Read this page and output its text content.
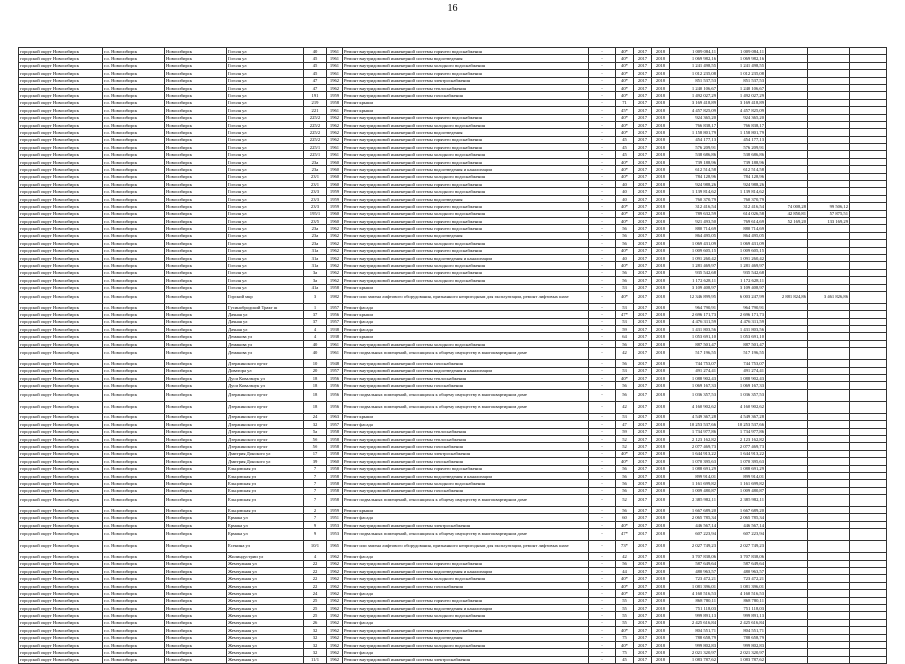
16
городской округ Новосибирск	г.о. Новосибирск	Новосибирск	Гоголя ул	40	1961	Ремонт внутридомовой инженерной системы горячего водоснабжения	-	40*	2017	2018	1 009 084,11	1 009 084,11			
городской округ Новосибирск	г.о. Новосибирск	Новосибирск	Гоголя ул	45	1961	Ремонт внутридомовой инженерной системы водоотведения	-	40*	2017	2018	1 069 982,16	1 069 982,16			
городской округ Новосибирск	г.о. Новосибирск	Новосибирск	Гоголя ул	45	1961	Ремонт внутридомовой инженерной системы холодного водоснабжения	-	40*	2017	2018	1 241 498,55	1 241 498,55			
городской округ Новосибирск	г.о. Новосибирск	Новосибирск	Гоголя ул	45	1961	Ремонт внутридомовой инженерной системы горячего водоснабжения	-	40*	2017	2018	1 012 235,08	1 012 235,08			
городской округ Новосибирск	г.о. Новосибирск	Новосибирск	Гоголя ул	47	1962	Ремонт внутридомовой инженерной системы электроснабжения	-	40*	2017	2018	851 537,53	851 537,53			
городской округ Новосибирск	г.о. Новосибирск	Новосибирск	Гоголя ул	47	1962	Ремонт внутридомовой инженерной системы теплоснабжения	-	40*	2017	2018	1 240 106,67	1 240 106,67			
городской округ Новосибирск	г.о. Новосибирск	Новосибирск	Гоголя ул	191	1959	Ремонт внутридомовой инженерной системы газоснабжения	-	40*	2017	2018	1 492 027,29	1 492 027,29			
городской округ Новосибирск	г.о. Новосибирск	Новосибирск	Гоголя ул	219	1958	Ремонт крыши	-	71	2017	2018	3 169 418,89	3 169 418,89			
городской округ Новосибирск	г.о. Новосибирск	Новосибирск	Гоголя ул	221	1961	Ремонт крыши	-	45*	2017	2018	4 457 825,09	4 457 825,09			
городской округ Новосибирск	г.о. Новосибирск	Новосибирск	Гоголя ул	225/2	1962	Ремонт внутридомовой инженерной системы горячего водоснабжения	-	40*	2017	2018	924 365,20	924 365,20			
городской округ Новосибирск	г.о. Новосибирск	Новосибирск	Гоголя ул	225/2	1962	Ремонт внутридомовой инженерной системы холодного водоснабжения	-	40*	2017	2018	766 838,17	766 838,17			
городской округ Новосибирск	г.о. Новосибирск	Новосибирск	Гоголя ул	225/2	1962	Ремонт внутридомовой инженерной системы водоотведения	-	40*	2017	2018	1 158 801,79	1 158 801,79			
городской округ Новосибирск	г.о. Новосибирск	Новосибирск	Гоголя ул	225/2	1962	Ремонт внутридомовой инженерной системы горячего водоснабжения	-	45	2017	2018	454 177,13	454 177,13			
городской округ Новосибирск	г.о. Новосибирск	Новосибирск	Гоголя ул	225/1	1961	Ремонт внутридомовой инженерной системы горячего водоснабжения	-	45	2017	2018	576 209,91	576 209,91			
городской округ Новосибирск	г.о. Новосибирск	Новосибирск	Гоголя ул	225/1	1961	Ремонт внутридомовой инженерной системы холодного водоснабжения	-	45	2017	2018	538 686,86	538 686,86			
городской округ Новосибирск	г.о. Новосибирск	Новосибирск	Гоголя ул	23а	1960	Ремонт внутридомовой инженерной системы горячего водоснабжения	-	40*	2017	2018	739 188,96	739 188,96			
городской округ Новосибирск	г.о. Новосибирск	Новосибирск	Гоголя ул	23а	1960	Ремонт внутридомовой инженерной системы водоотведения и канализации	-	40*	2017	2018	612 514,58	612 514,58			
городской округ Новосибирск	г.о. Новосибирск	Новосибирск	Гоголя ул	23/1	1960	Ремонт внутридомовой инженерной системы холодного водоснабжения	-	40*	2017	2018	784 128,96	784 128,96			
городской округ Новосибирск	г.о. Новосибирск	Новосибирск	Гоголя ул	23/1	1960	Ремонт внутридомовой инженерной системы горячего водоснабжения	-	40	2017	2018	924 988,26	924 988,26			
городской округ Новосибирск	г.о. Новосибирск	Новосибирск	Гоголя ул	23/3	1959	Ремонт внутридомовой инженерной системы холодного водоснабжения	-	40	2017	2018	1 139 814,62	1 139 814,62			
городской округ Новосибирск	г.о. Новосибирск	Новосибирск	Гоголя ул	23/3	1959	Ремонт внутридомовой инженерной системы водоотведения	-	40	2017	2018	760 370,79	760 370,79			
городской округ Новосибирск	г.о. Новосибирск	Новосибирск	Гоголя ул	23/3	1959	Ремонт внутридомовой инженерной системы горячего водоснабжения	-	40*	2017	2018	312 416,54	312 416,54	74 008,28	99 506,12	
городской округ Новосибирск	г.о. Новосибирск	Новосибирск	Гоголя ул	195/1	1960	Ремонт внутридомовой инженерной системы холодного водоснабжения	-	40*	2017	2018	789 632,59	614 026,58	42 850,81	57 875,51	
городской округ Новосибирск	г.о. Новосибирск	Новосибирск	Гоголя ул	23/5	1960	Ремонт внутридомовой инженерной системы горячего водоснабжения	-	40*	2017	2018	921 493,50	769 614,69	52 169,20	133 169,29	
городской округ Новосибирск	г.о. Новосибирск	Новосибирск	Гоголя ул	23а	1962	Ремонт внутридомовой инженерной системы горячего водоснабжения	-	56	2017	2018	880 714,69	880 714,69			
городской округ Новосибирск	г.о. Новосибирск	Новосибирск	Гоголя ул	23а	1962	Ремонт внутридомовой инженерной системы водоотведения	-	56	2017	2018	864 495,05	864 495,05			
городской округ Новосибирск	г.о. Новосибирск	Новосибирск	Гоголя ул	23а	1962	Ремонт внутридомовой инженерной системы холодного водоснабжения	-	56	2017	2018	1 069 431,09	1 069 431,09			
городской округ Новосибирск	г.о. Новосибирск	Новосибирск	Гоголя ул	31а	1962	Ремонт внутридомовой инженерной системы горячего водоснабжения	-	40*	2017	2018	1 009 605,15	1 009 605,15			
городской округ Новосибирск	г.о. Новосибирск	Новосибирск	Гоголя ул	31а	1962	Ремонт внутридомовой инженерной системы водоотведения и канализации	-	40	2017	2018	1 091 260,42	1 091 260,42			
городской округ Новосибирск	г.о. Новосибирск	Новосибирск	Гоголя ул	31а	1962	Ремонт внутридомовой инженерной системы холодного водоснабжения	-	40*	2017	2018	1 281 469,97	1 281 469,97			
городской округ Новосибирск	г.о. Новосибирск	Новосибирск	Гоголя ул	3а	1962	Ремонт внутридомовой инженерной системы горячего водоснабжения	-	56	2017	2018	935 542,68	935 542,68			
городской округ Новосибирск	г.о. Новосибирск	Новосибирск	Гоголя ул	3а	1962	Ремонт внутридомовой инженерной системы холодного водоснабжения	-	56	2017	2018	1 172 628,11	1 172 628,11			
городской округ Новосибирск	г.о. Новосибирск	Новосибирск	Гоголя ул	41а	1958	Ремонт крыши	-	53	2017	2018	3 109 408,97	3 109 408,97			
городской округ Новосибирск	г.о. Новосибирск	Новосибирск	Горский мкр	3	1982	Ремонт или замена лифтового оборудования, признанного непригодным для эксплуатации, ремонт лифтовых шахт	-	40*	2017	2018	12 346 899,95	6 003 247,99	2 881 824,86	3 461 826,86	
городской округ Новосибирск	г.о. Новосибирск	Новосибирск	Гусинобродский Тракт ш	1	1957	Ремонт фасада	-	53	2017	2018	964 790,91	964 790,91			
городской округ Новосибирск	г.о. Новосибирск	Новосибирск	Дачная ул	37	1956	Ремонт крыши	-	47*	2017	2018	2 696 171,73	2 696 171,73			
городской округ Новосибирск	г.о. Новосибирск	Новосибирск	Дачная ул	37	1957	Ремонт фасада	-	53	2017	2018	4 476 311,59	4 476 311,59			
городской округ Новосибирск	г.о. Новосибирск	Новосибирск	Дачная ул	4	1938	Ремонт фасада	-	59	2017	2018	1 431 803,56	1 431 803,56			
городской округ Новосибирск	г.о. Новосибирск	Новосибирск	Демакова ул	4	1938	Ремонт крыши	-	64	2017	2018	1 053 691,10	1 053 691,10			
городской округ Новосибирск	г.о. Новосибирск	Новосибирск	Демакова ул	40	1961	Ремонт внутридомовой инженерной системы холодного водоснабжения	-	56	2017	2018	887 501,47	887 501,47			
городской округ Новосибирск	г.о. Новосибирск	Новосибирск	Демакова ул	40	1961	Ремонт подвальных помещений, относящихся к общему имуществу в многоквартирном доме	-	42	2017	2018	517 196,55	517 196,55			
городской округ Новосибирск	г.о. Новосибирск	Новосибирск	Дзержинского пр-кт	10	1948	Ремонт внутридомовой инженерной системы газоснабжения	-	56	2017	2018	744 753,07	744 753,07			
городской округ Новосибирск	г.о. Новосибирск	Новосибирск	Доватора ул	20	1957	Ремонт внутридомовой инженерной системы водоотведения и канализации	-	53	2017	2018	491 274,41	491 274,41			
городской округ Новосибирск	г.о. Новосибирск	Новосибирск	Дуси Ковальчук ул	18	1956	Ремонт внутридомовой инженерной системы теплоснабжения	-	40*	2017	2018	1 088 902,43	1 088 902,43			
городской округ Новосибирск	г.о. Новосибирск	Новосибирск	Дуси Ковальчук ул	18	1956	Ремонт внутридомовой инженерной системы газоснабжения	-	56	2017	2018	1 069 167,33	1 069 167,33			
городской округ Новосибирск	г.о. Новосибирск	Новосибирск	Дзержинского пр-кт	18	1956	Ремонт подвальных помещений, относящихся к общему имуществу в многоквартирном доме	-	56	2017	2018	1 036 357,53	1 036 357,53			
городской округ Новосибирск	г.о. Новосибирск	Новосибирск	Дзержинского пр-кт	18	1956	Ремонт подвальных помещений, относящихся к общему имуществу в многоквартирном доме	-	42	2017	2018	4 160 902,62	4 160 902,62			
городской округ Новосибирск	г.о. Новосибирск	Новосибирск	Дзержинского пр-кт	24	1963	Ремонт крыши	-	53	2017	2018	4 549 367,28	4 549 367,28			
городской округ Новосибирск	г.о. Новосибирск	Новосибирск	Дзержинского пр-кт	32	1957	Ремонт фасада	-	47	2017	2018	10 253 537,66	10 253 537,66			
городской округ Новосибирск	г.о. Новосибирск	Новосибирск	Дзержинского пр-кт	5а	1958	Ремонт внутридомовой инженерной системы теплоснабжения	-	59	2017	2018	1 734 977,86	1 734 977,86			
городской округ Новосибирск	г.о. Новосибирск	Новосибирск	Дзержинского пр-кт	5б	1958	Ремонт внутридомовой инженерной системы теплоснабжения	-	52	2017	2018	2 123 162,82	2 123 162,82			
городской округ Новосибирск	г.о. Новосибирск	Новосибирск	Дзержинского пр-кт	5б	1958	Ремонт внутридомовой инженерной системы газоснабжения	-	52	2017	2018	2 077 469,73	2 077 469,73			
городской округ Новосибирск	г.о. Новосибирск	Новосибирск	Дмитрия Донского ул	17	1958	Ремонт внутридомовой инженерной системы электроснабжения	-	40*	2017	2018	1 644 913,22	1 644 913,22			
городской округ Новосибирск	г.о. Новосибирск	Новосибирск	Дмитрия Донского ул	39	1960	Ремонт внутридомовой инженерной системы газоснабжения	-	40*	2017	2018	1 070 395,63	1 070 395,63			
городской округ Новосибирск	г.о. Новосибирск	Новосибирск	Ельцовская ул	7	1958	Ремонт внутридомовой инженерной системы горячего водоснабжения	-	56	2017	2018	1 088 691,29	1 088 691,29			
городской округ Новосибирск	г.о. Новосибирск	Новосибирск	Ельцовская ул	7	1958	Ремонт внутридомовой инженерной системы водоотведения и канализации	-	56	2017	2018	899 914,01	899 914,01			
городской округ Новосибирск	г.о. Новосибирск	Новосибирск	Ельцовская ул	7	1958	Ремонт внутридомовой инженерной системы холодного водоснабжения	-	56	2017	2018	1 161 699,82	1 161 699,82			
городской округ Новосибирск	г.о. Новосибирск	Новосибирск	Ельцовская ул	7	1958	Ремонт внутридомовой инженерной системы газоснабжения	-	56	2017	2018	1 009 480,87	1 009 480,87			
городской округ Новосибирск	г.о. Новосибирск	Новосибирск	Ельцовская ул	7	1958	Ремонт подвальных помещений, относящихся к общему имуществу в многоквартирном доме	-	52	2017	2018	2 385 982,11	2 385 982,11			
городской округ Новосибирск	г.о. Новосибирск	Новосибирск	Ельцовская ул	2	1959	Ремонт крыши	-	56	2017	2018	1 667 689,20	1 667 689,20			
городской округ Новосибирск	г.о. Новосибирск	Новосибирск	Ермака ул	7	1951	Ремонт фасада	-	60	2017	2018	2 065 785,34	2 065 785,34			
городской округ Новосибирск	г.о. Новосибирск	Новосибирск	Ермака ул	9	1953	Ремонт внутридомовой инженерной системы электроснабжения	-	40*	2017	2018	446 567,14	446 567,14			
городской округ Новосибирск	г.о. Новосибирск	Новосибирск	Ермака ул	9	1953	Ремонт подвальных помещений, относящихся к общему имуществу в многоквартирном доме	-	47*	2017	2018	607 223,94	607 223,94			
городской округ Новосибирск	г.о. Новосибирск	Новосибирск	Есенина ул	10/1	1965	Ремонт или замена лифтового оборудования, признанного непригодным для эксплуатации, ремонт лифтовых шахт	-	73*	2017	2018	2 027 749,23	2 027 749,23			
городской округ Новосибирск	г.о. Новосибирск	Новосибирск	Жилиндустрии ул	4	1962	Ремонт фасада	-	42	2017	2018	3 707 838,06	3 707 838,06			
городской округ Новосибирск	г.о. Новосибирск	Новосибирск	Жемчужная ул	22	1962	Ремонт внутридомовой инженерной системы горячего водоснабжения	-	56	2017	2018	587 649,64	587 649,64			
городской округ Новосибирск	г.о. Новосибирск	Новосибирск	Жемчужная ул	22	1962	Ремонт внутридомовой инженерной системы водоотведения и канализации	-	44	2017	2018	480 963,57	480 963,57			
городской округ Новосибирск	г.о. Новосибирск	Новосибирск	Жемчужная ул	22	1962	Ремонт внутридомовой инженерной системы холодного водоснабжения	-	40*	2017	2018	723 472,21	723 472,21			
городской округ Новосибирск	г.о. Новосибирск	Новосибирск	Жемчужная ул	22	1962	Ремонт внутридомовой инженерной системы газоснабжения	-	40*	2017	2018	1 081 396,01	1 081 396,01			
городской округ Новосибирск	г.о. Новосибирск	Новосибирск	Жемчужная ул	24	1962	Ремонт фасада	-	40*	2017	2018	4 160 516,53	4 160 516,53			
городской округ Новосибирск	г.о. Новосибирск	Новосибирск	Жемчужная ул	25	1962	Ремонт внутридомовой инженерной системы горячего водоснабжения	-	55	2017	2018	868 780,11	868 780,11			
городской округ Новосибирск	г.о. Новосибирск	Новосибирск	Жемчужная ул	25	1962	Ремонт внутридомовой инженерной системы водоотведения и канализации	-	55	2017	2018	751 118,03	751 118,03			
городской округ Новосибирск	г.о. Новосибирск	Новосибирск	Жемчужная ул	25	1962	Ремонт внутридомовой инженерной системы холодного водоснабжения	-	55	2017	2018	999 891,13	999 891,13			
городской округ Новосибирск	г.о. Новосибирск	Новосибирск	Жемчужная ул	26	1962	Ремонт фасада	-	55	2017	2018	2 425 616,84	2 425 616,84			
городской округ Новосибирск	г.о. Новосибирск	Новосибирск	Жемчужная ул	32	1962	Ремонт внутридомовой инженерной системы горячего водоснабжения	-	40*	2017	2018	804 551,71	804 551,71			
городской округ Новосибирск	г.о. Новосибирск	Новосибирск	Жемчужная ул	32	1962	Ремонт внутридомовой инженерной системы водоотведения	-	75	2017	2018	788 658,79	788 658,79			
городской округ Новосибирск	г.о. Новосибирск	Новосибирск	Жемчужная ул	32	1962	Ремонт внутридомовой инженерной системы холодного водоснабжения	-	40*	2017	2018	999 802,83	999 802,83			
городской округ Новосибирск	г.о. Новосибирск	Новосибирск	Жемчужная ул	32	1962	Ремонт фасада	-	75	2017	2018	2 021 320,97	2 021 320,97			
городской округ Новосибирск	г.о. Новосибирск	Новосибирск	Жемчужная ул	11/1	1962	Ремонт внутридомовой инженерной системы электроснабжения	-	45	2017	2018	1 083 787,62	1 083 787,62			
